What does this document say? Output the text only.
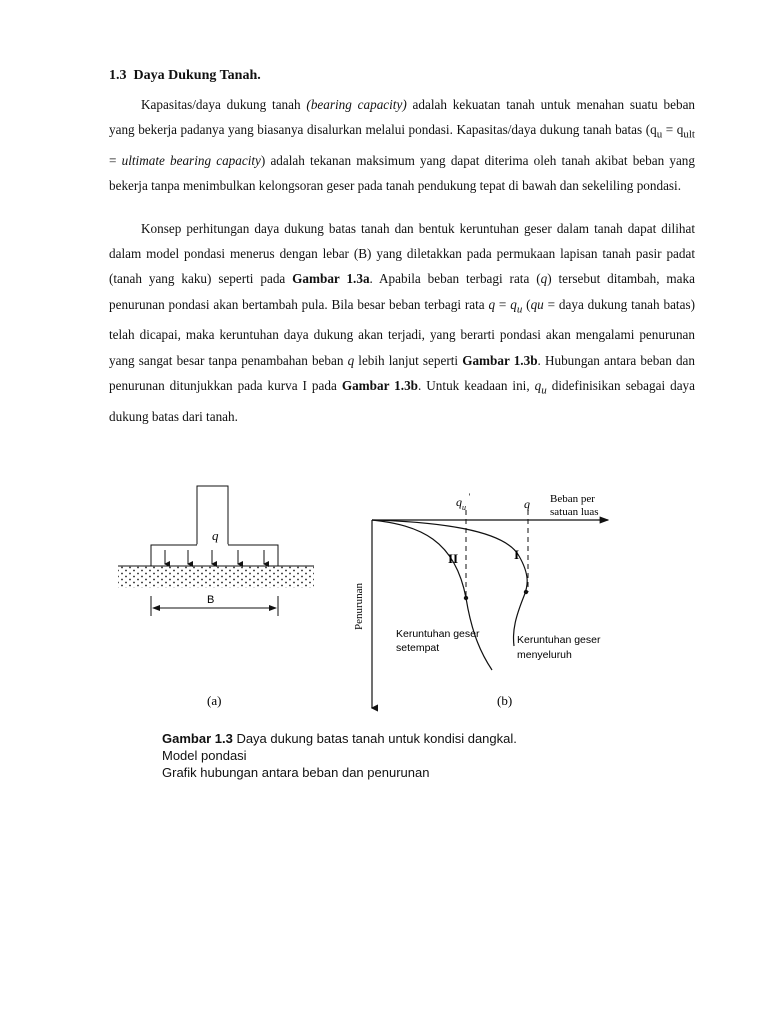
1.3 Daya Dukung Tanah.

Kapasitas/daya dukung tanah (bearing capacity) adalah kekuatan tanah untuk menahan suatu beban yang bekerja padanya yang biasanya disalurkan melalui pondasi. Kapasitas/daya dukung tanah batas ($q_u = q_{ult}$ = ultimate bearing capacity) adalah tekanan maksimum yang dapat diterima oleh tanah akibat beban yang bekerja tanpa menimbulkan kelongsoran geser pada tanah pendukung tepat di bawah dan sekeliling pondasi.

Konsep perhitungan daya dukung batas tanah dan bentuk keruntuhan geser dalam tanah dapat dilihat dalam model pondasi menerus dengan lebar (B) yang diletakkan pada permukaan lapisan tanah pasir padat (tanah yang kaku) seperti pada Gambar 1.3a. Apabila beban terbagi rata (q) tersebut ditambah, maka penurunan pondasi akan bertambah pula. Bila besar beban terbagi rata $q = q_u$ (qu = daya dukung tanah batas) telah dicapai, maka keruntuhan daya dukung akan terjadi, yang berarti pondasi akan mengalami penurunan yang sangat besar tanpa penambahan beban q lebih lanjut seperti Gambar 1.3b. Hubungan antara beban dan penurunan ditunjukkan pada kurva I pada Gambar 1.3b. Untuk keadaan ini, $q_u$ didefinisikan sebagai daya dukung batas dari tanah.

q
B
(a)
Beban per
satuan luas
Penurunan
$q_u'$	q
II	I
Keruntuhan geser
setempat
Keruntuhan geser
menyeluruh
(b)
Gambar 1.3 Daya dukung batas tanah untuk kondisi dangkal.
Model pondasi
Grafik hubungan antara beban dan penurunan
